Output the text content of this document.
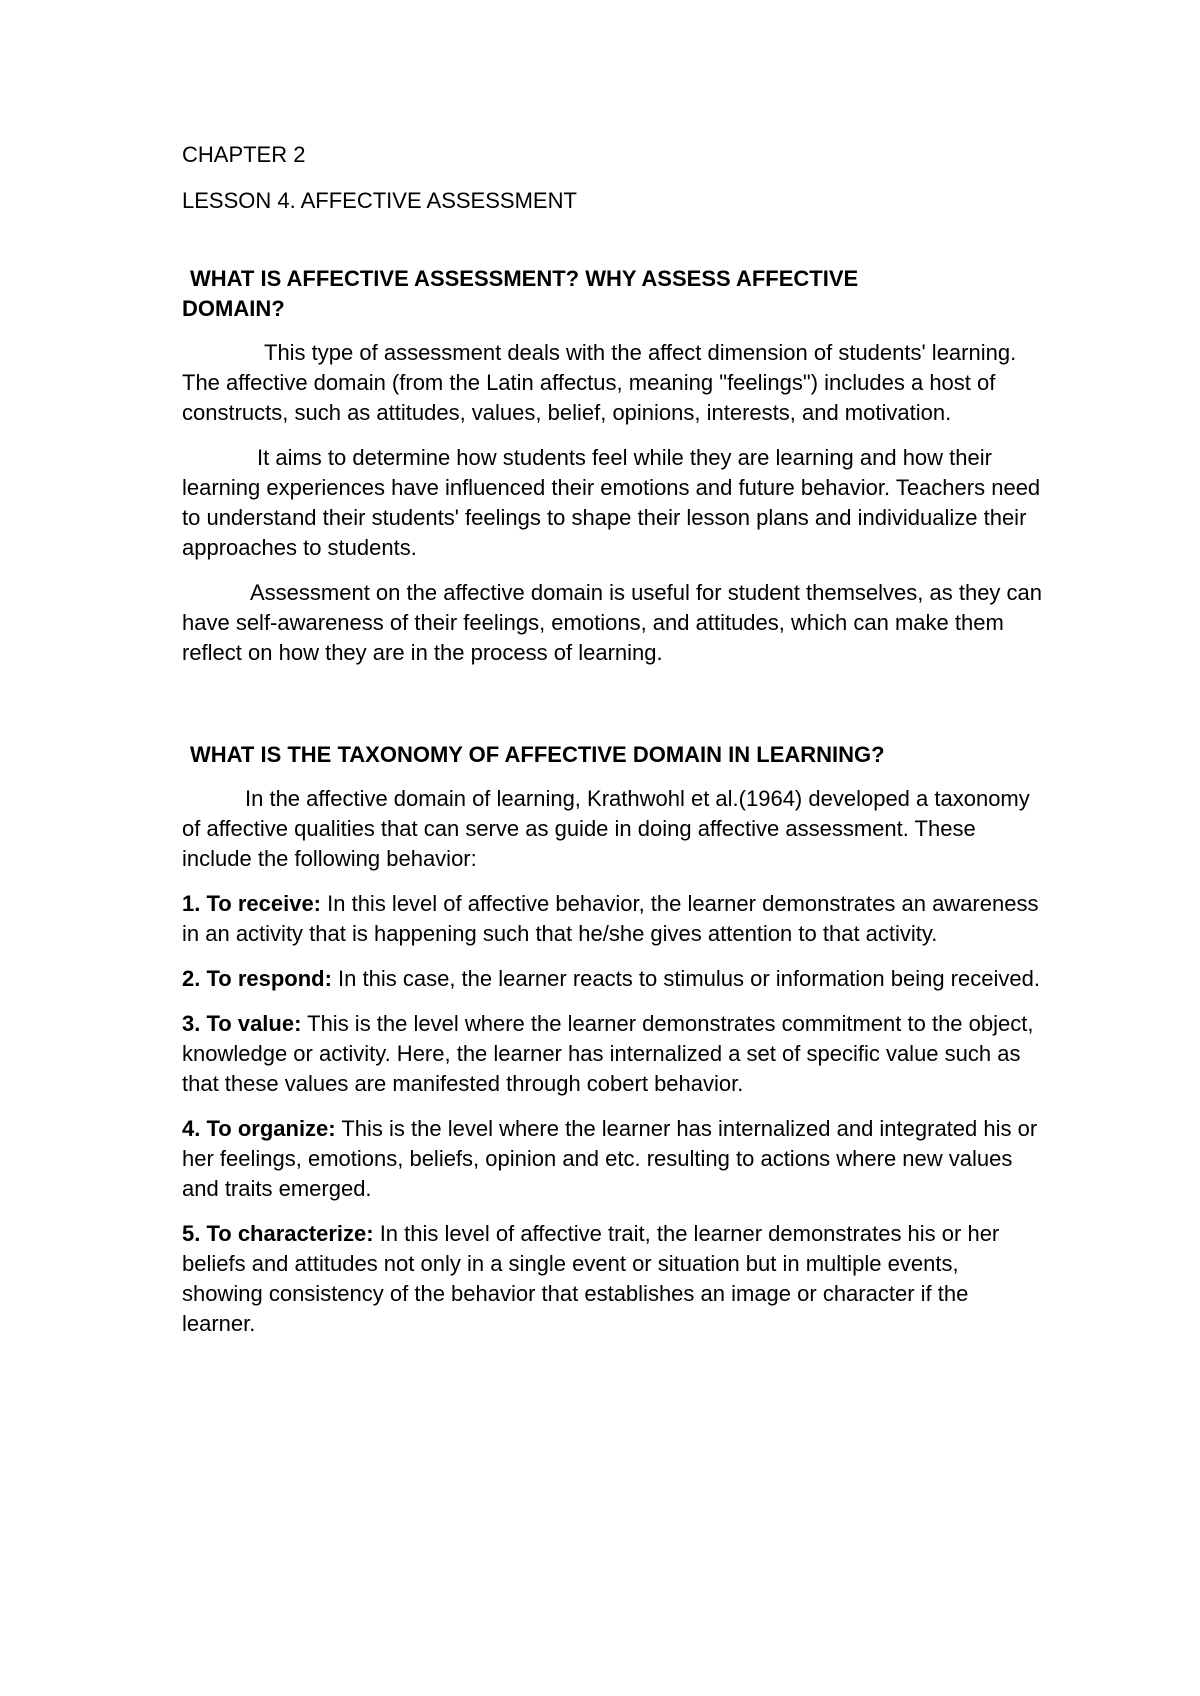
CHAPTER 2
LESSON 4. AFFECTIVE ASSESSMENT
WHAT IS AFFECTIVE ASSESSMENT? WHY ASSESS AFFECTIVE
DOMAIN?

This type of assessment deals with the affect dimension of students' learning. The affective domain (from the Latin affectus, meaning "feelings") includes a host of constructs, such as attitudes, values, belief, opinions, interests, and motivation.

It aims to determine how students feel while they are learning and how their learning experiences have influenced their emotions and future behavior. Teachers need to understand their students' feelings to shape their lesson plans and individualize their approaches to students.

Assessment on the affective domain is useful for student themselves, as they can have self-awareness of their feelings, emotions, and attitudes, which can make them reflect on how they are in the process of learning.

WHAT IS THE TAXONOMY OF AFFECTIVE DOMAIN IN LEARNING?

In the affective domain of learning, Krathwohl et al.(1964) developed a taxonomy of affective qualities that can serve as guide in doing affective assessment. These include the following behavior:

1. To receive: In this level of affective behavior, the learner demonstrates an awareness in an activity that is happening such that he/she gives attention to that activity.

2. To respond: In this case, the learner reacts to stimulus or information being received.

3. To value: This is the level where the learner demonstrates commitment to the object, knowledge or activity. Here, the learner has internalized a set of specific value such as that these values are manifested through cobert behavior.

4. To organize: This is the level where the learner has internalized and integrated his or her feelings, emotions, beliefs, opinion and etc. resulting to actions where new values and traits emerged.

5. To characterize: In this level of affective trait, the learner demonstrates his or her beliefs and attitudes not only in a single event or situation but in multiple events, showing consistency of the behavior that establishes an image or character if the learner.
